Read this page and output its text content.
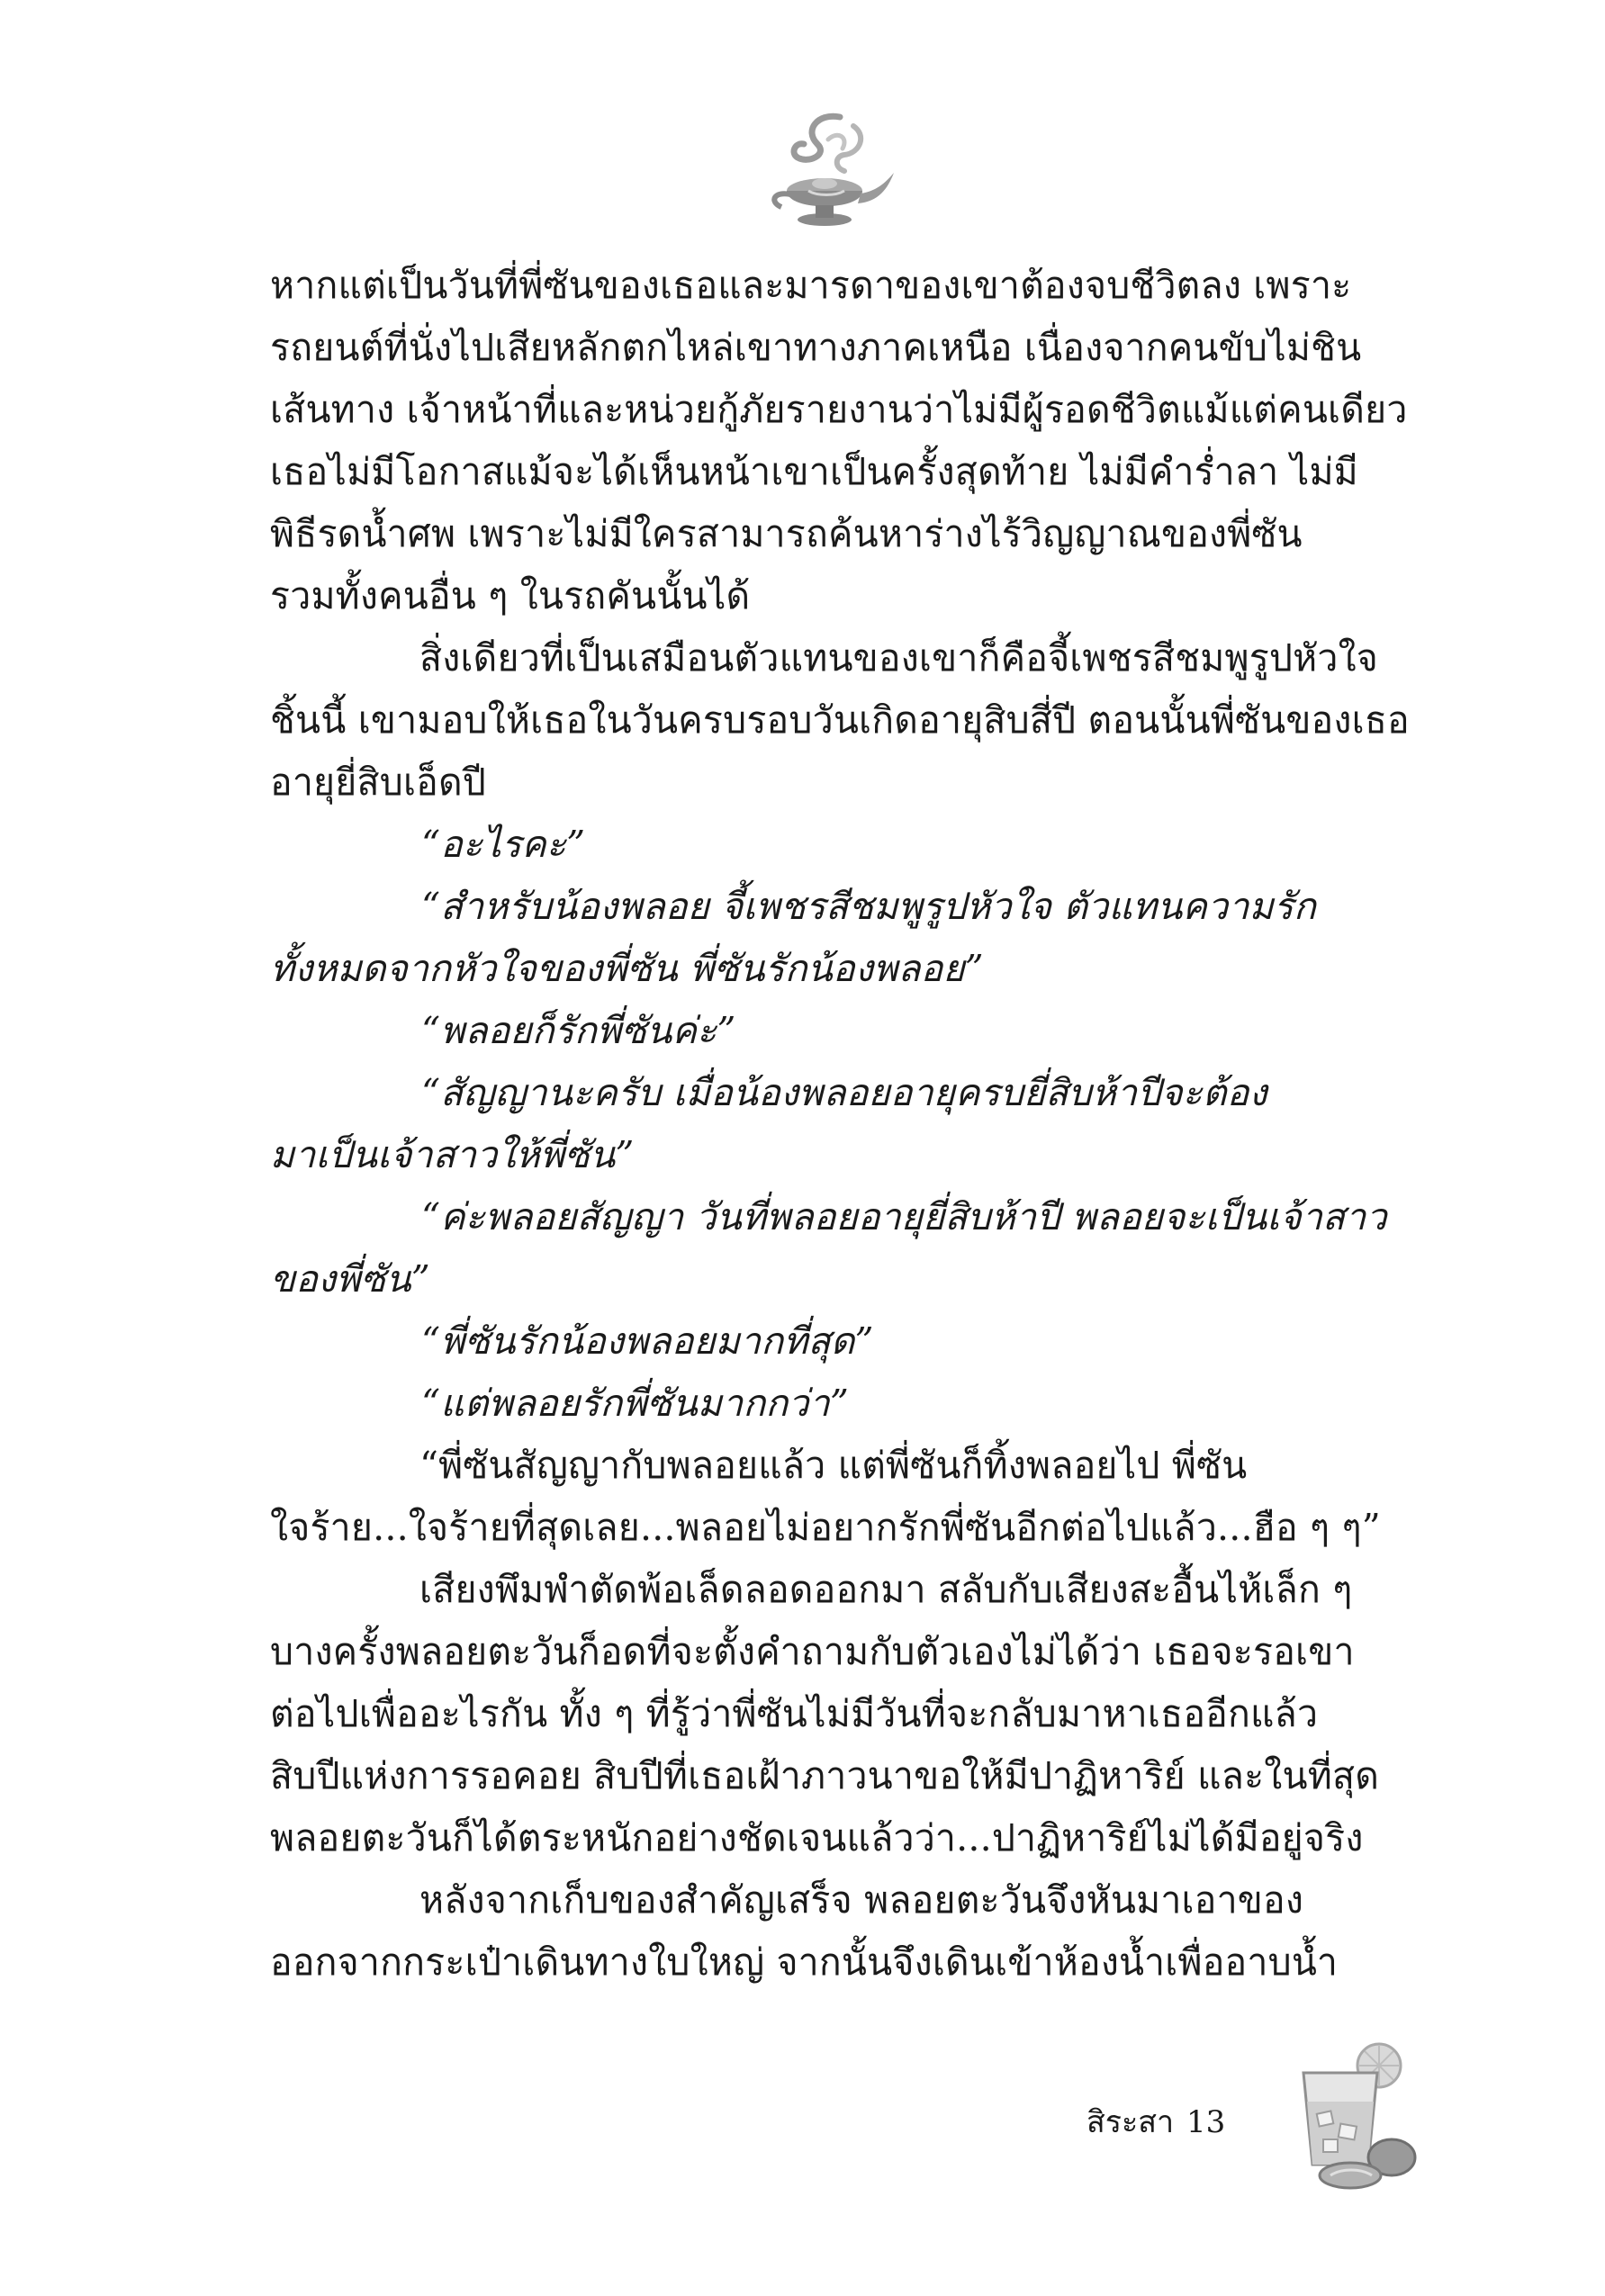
หากแต่เป็นวันที่พี่ซันของเธอและมารดาของเขาต้องจบชีวิตลง เพราะ
รถยนต์ที่นั่งไปเสียหลักตกไหล่เขาทางภาคเหนือ เนื่องจากคนขับไม่ชิน
เส้นทาง เจ้าหน้าที่และหน่วยกู้ภัยรายงานว่าไม่มีผู้รอดชีวิตแม้แต่คนเดียว
เธอไม่มีโอกาสแม้จะได้เห็นหน้าเขาเป็นครั้งสุดท้าย ไม่มีคำร่ำลา ไม่มี
พิธีรดน้ำศพ เพราะไม่มีใครสามารถค้นหาร่างไร้วิญญาณของพี่ซัน
รวมทั้งคนอื่น ๆ ในรถคันนั้นได้
สิ่งเดียวที่เป็นเสมือนตัวแทนของเขาก็คือจี้เพชรสีชมพูรูปหัวใจ
ชิ้นนี้ เขามอบให้เธอในวันครบรอบวันเกิดอายุสิบสี่ปี ตอนนั้นพี่ซันของเธอ
อายุยี่สิบเอ็ดปี
“อะไรคะ”
“สำหรับน้องพลอย จี้เพชรสีชมพูรูปหัวใจ ตัวแทนความรัก
ทั้งหมดจากหัวใจของพี่ซัน พี่ซันรักน้องพลอย”
“พลอยก็รักพี่ซันค่ะ”
“สัญญานะครับ เมื่อน้องพลอยอายุครบยี่สิบห้าปีจะต้อง
มาเป็นเจ้าสาวให้พี่ซัน”
“ค่ะพลอยสัญญา วันที่พลอยอายุยี่สิบห้าปี พลอยจะเป็นเจ้าสาว
ของพี่ซัน”
“พี่ซันรักน้องพลอยมากที่สุด”
“แต่พลอยรักพี่ซันมากกว่า”
“พี่ซันสัญญากับพลอยแล้ว แต่พี่ซันก็ทิ้งพลอยไป พี่ซัน
ใจร้าย...ใจร้ายที่สุดเลย...พลอยไม่อยากรักพี่ซันอีกต่อไปแล้ว...ฮือ ๆ ๆ”
เสียงพึมพำตัดพ้อเล็ดลอดออกมา สลับกับเสียงสะอื้นไห้เล็ก ๆ
บางครั้งพลอยตะวันก็อดที่จะตั้งคำถามกับตัวเองไม่ได้ว่า เธอจะรอเขา
ต่อไปเพื่ออะไรกัน ทั้ง ๆ ที่รู้ว่าพี่ซันไม่มีวันที่จะกลับมาหาเธออีกแล้ว
สิบปีแห่งการรอคอย สิบปีที่เธอเฝ้าภาวนาขอให้มีปาฏิหาริย์ และในที่สุด
พลอยตะวันก็ได้ตระหนักอย่างชัดเจนแล้วว่า...ปาฏิหาริย์ไม่ได้มีอยู่จริง
หลังจากเก็บของสำคัญเสร็จ พลอยตะวันจึงหันมาเอาของ
ออกจากกระเป๋าเดินทางใบใหญ่ จากนั้นจึงเดินเข้าห้องน้ำเพื่ออาบน้ำ
สิระสา 13
